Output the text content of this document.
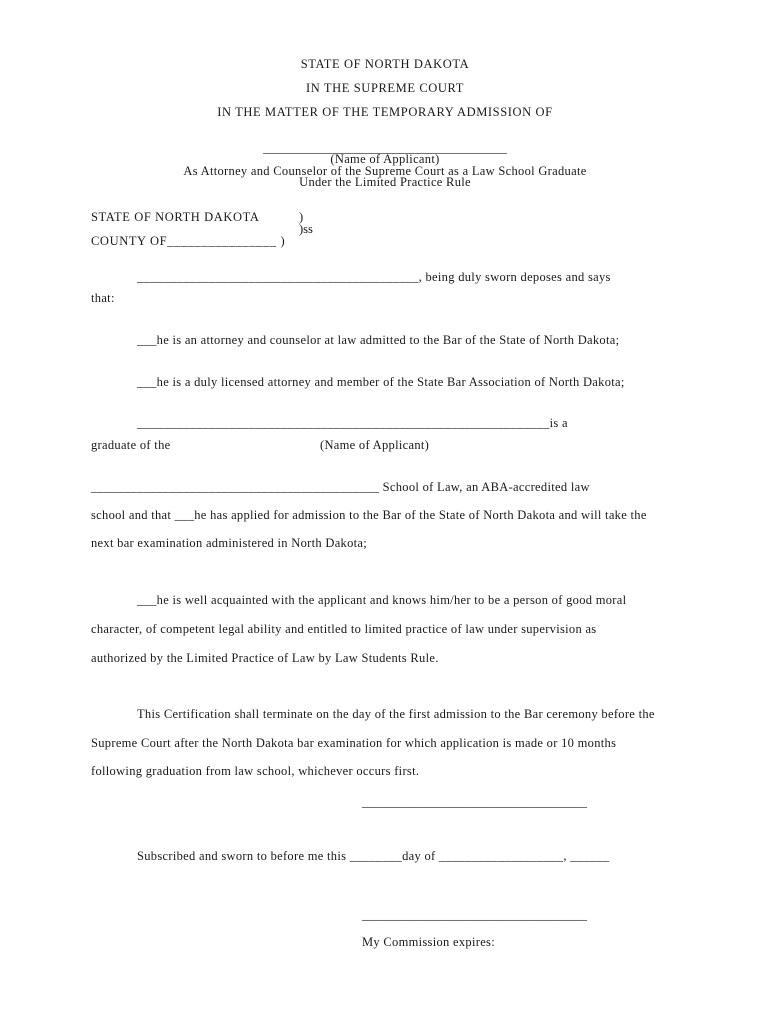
STATE OF NORTH DAKOTA
IN THE SUPREME COURT
IN THE MATTER OF THE TEMPORARY ADMISSION OF
_______________________________________
(Name of Applicant)
As Attorney and Counselor of the Supreme Court as a Law School Graduate
Under the Limited Practice Rule
STATE OF NORTH DAKOTA	)
)ss
COUNTY OF________________ )
___________________________________________, being duly sworn deposes and says
that:
___he is an attorney and counselor at law admitted to the Bar of the State of North Dakota;
___he is a duly licensed attorney and member of the State Bar Association of North Dakota;
_______________________________________________________________is a
graduate of the	(Name of Applicant)
____________________________________________ School of Law, an ABA-accredited law
school and that ___he has applied for admission to the Bar of the State of North Dakota and will take the
next bar examination administered in North Dakota;
___he is well acquainted with the applicant and knows him/her to be a person of good moral
character, of competent legal ability and entitled to limited practice of law under supervision as
authorized by the Limited Practice of Law by Law Students Rule.
This Certification shall terminate on the day of the first admission to the Bar ceremony before the
Supreme Court after the North Dakota bar examination for which application is made or 10 months
following graduation from law school, whichever occurs first.
____________________________________
Subscribed and sworn to before me this ________day of ___________________, ______
____________________________________
My Commission expires:
